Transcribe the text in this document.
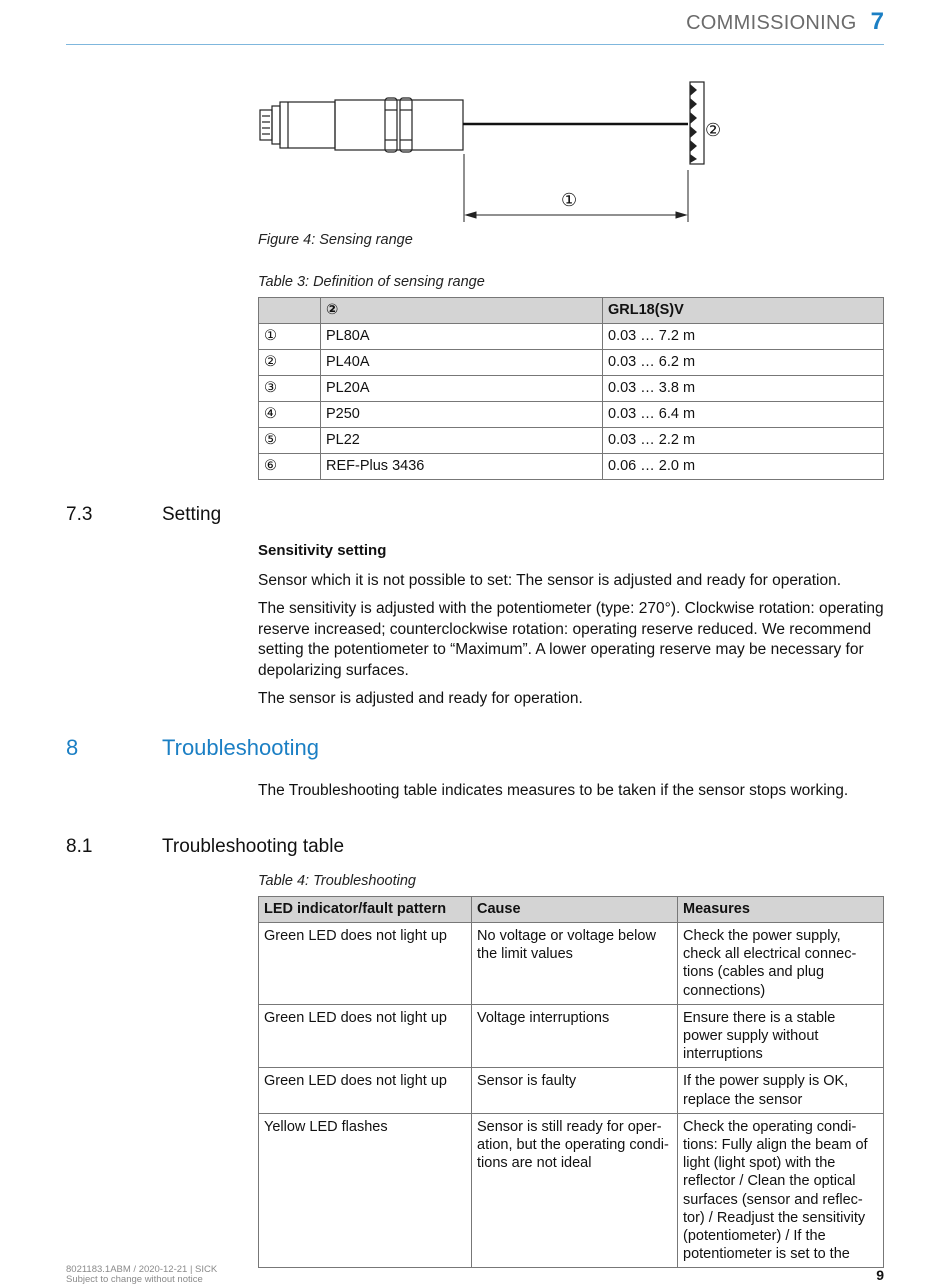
COMMISSIONING 7
②
①
Figure 4: Sensing range
Table 3: Definition of sensing range
	②	GRL18(S)V
①	PL80A	0.03 … 7.2 m
②	PL40A	0.03 … 6.2 m
③	PL20A	0.03 … 3.8 m
④	P250	0.03 … 6.4 m
⑤	PL22	0.03 … 2.2 m
⑥	REF-Plus 3436	0.06 … 2.0 m
7.3	Setting
Sensitivity setting
Sensor which it is not possible to set: The sensor is adjusted and ready for operation.
The sensitivity is adjusted with the potentiometer (type: 270°). Clockwise rotation: operating reserve increased; counterclockwise rotation: operating reserve reduced. We recommend setting the potentiometer to “Maximum”. A lower operating reserve may be necessary for depolarizing surfaces.
The sensor is adjusted and ready for operation.
8	Troubleshooting
The Troubleshooting table indicates measures to be taken if the sensor stops working.
8.1	Troubleshooting table
Table 4: Troubleshooting
LED indicator/fault pattern	Cause	Measures
Green LED does not light up	No voltage or voltage below the limit values	Check the power supply, check all electrical connections (cables and plug connections)
Green LED does not light up	Voltage interruptions	Ensure there is a stable power supply without interruptions
Green LED does not light up	Sensor is faulty	If the power supply is OK, replace the sensor
Yellow LED flashes	Sensor is still ready for operation, but the operating conditions are not ideal	Check the operating conditions: Fully align the beam of light (light spot) with the reflector / Clean the optical surfaces (sensor and reflector) / Readjust the sensitivity (potentiometer) / If the potentiometer is set to the
8021183.1ABM / 2020-12-21 | SICK
Subject to change without notice	9
